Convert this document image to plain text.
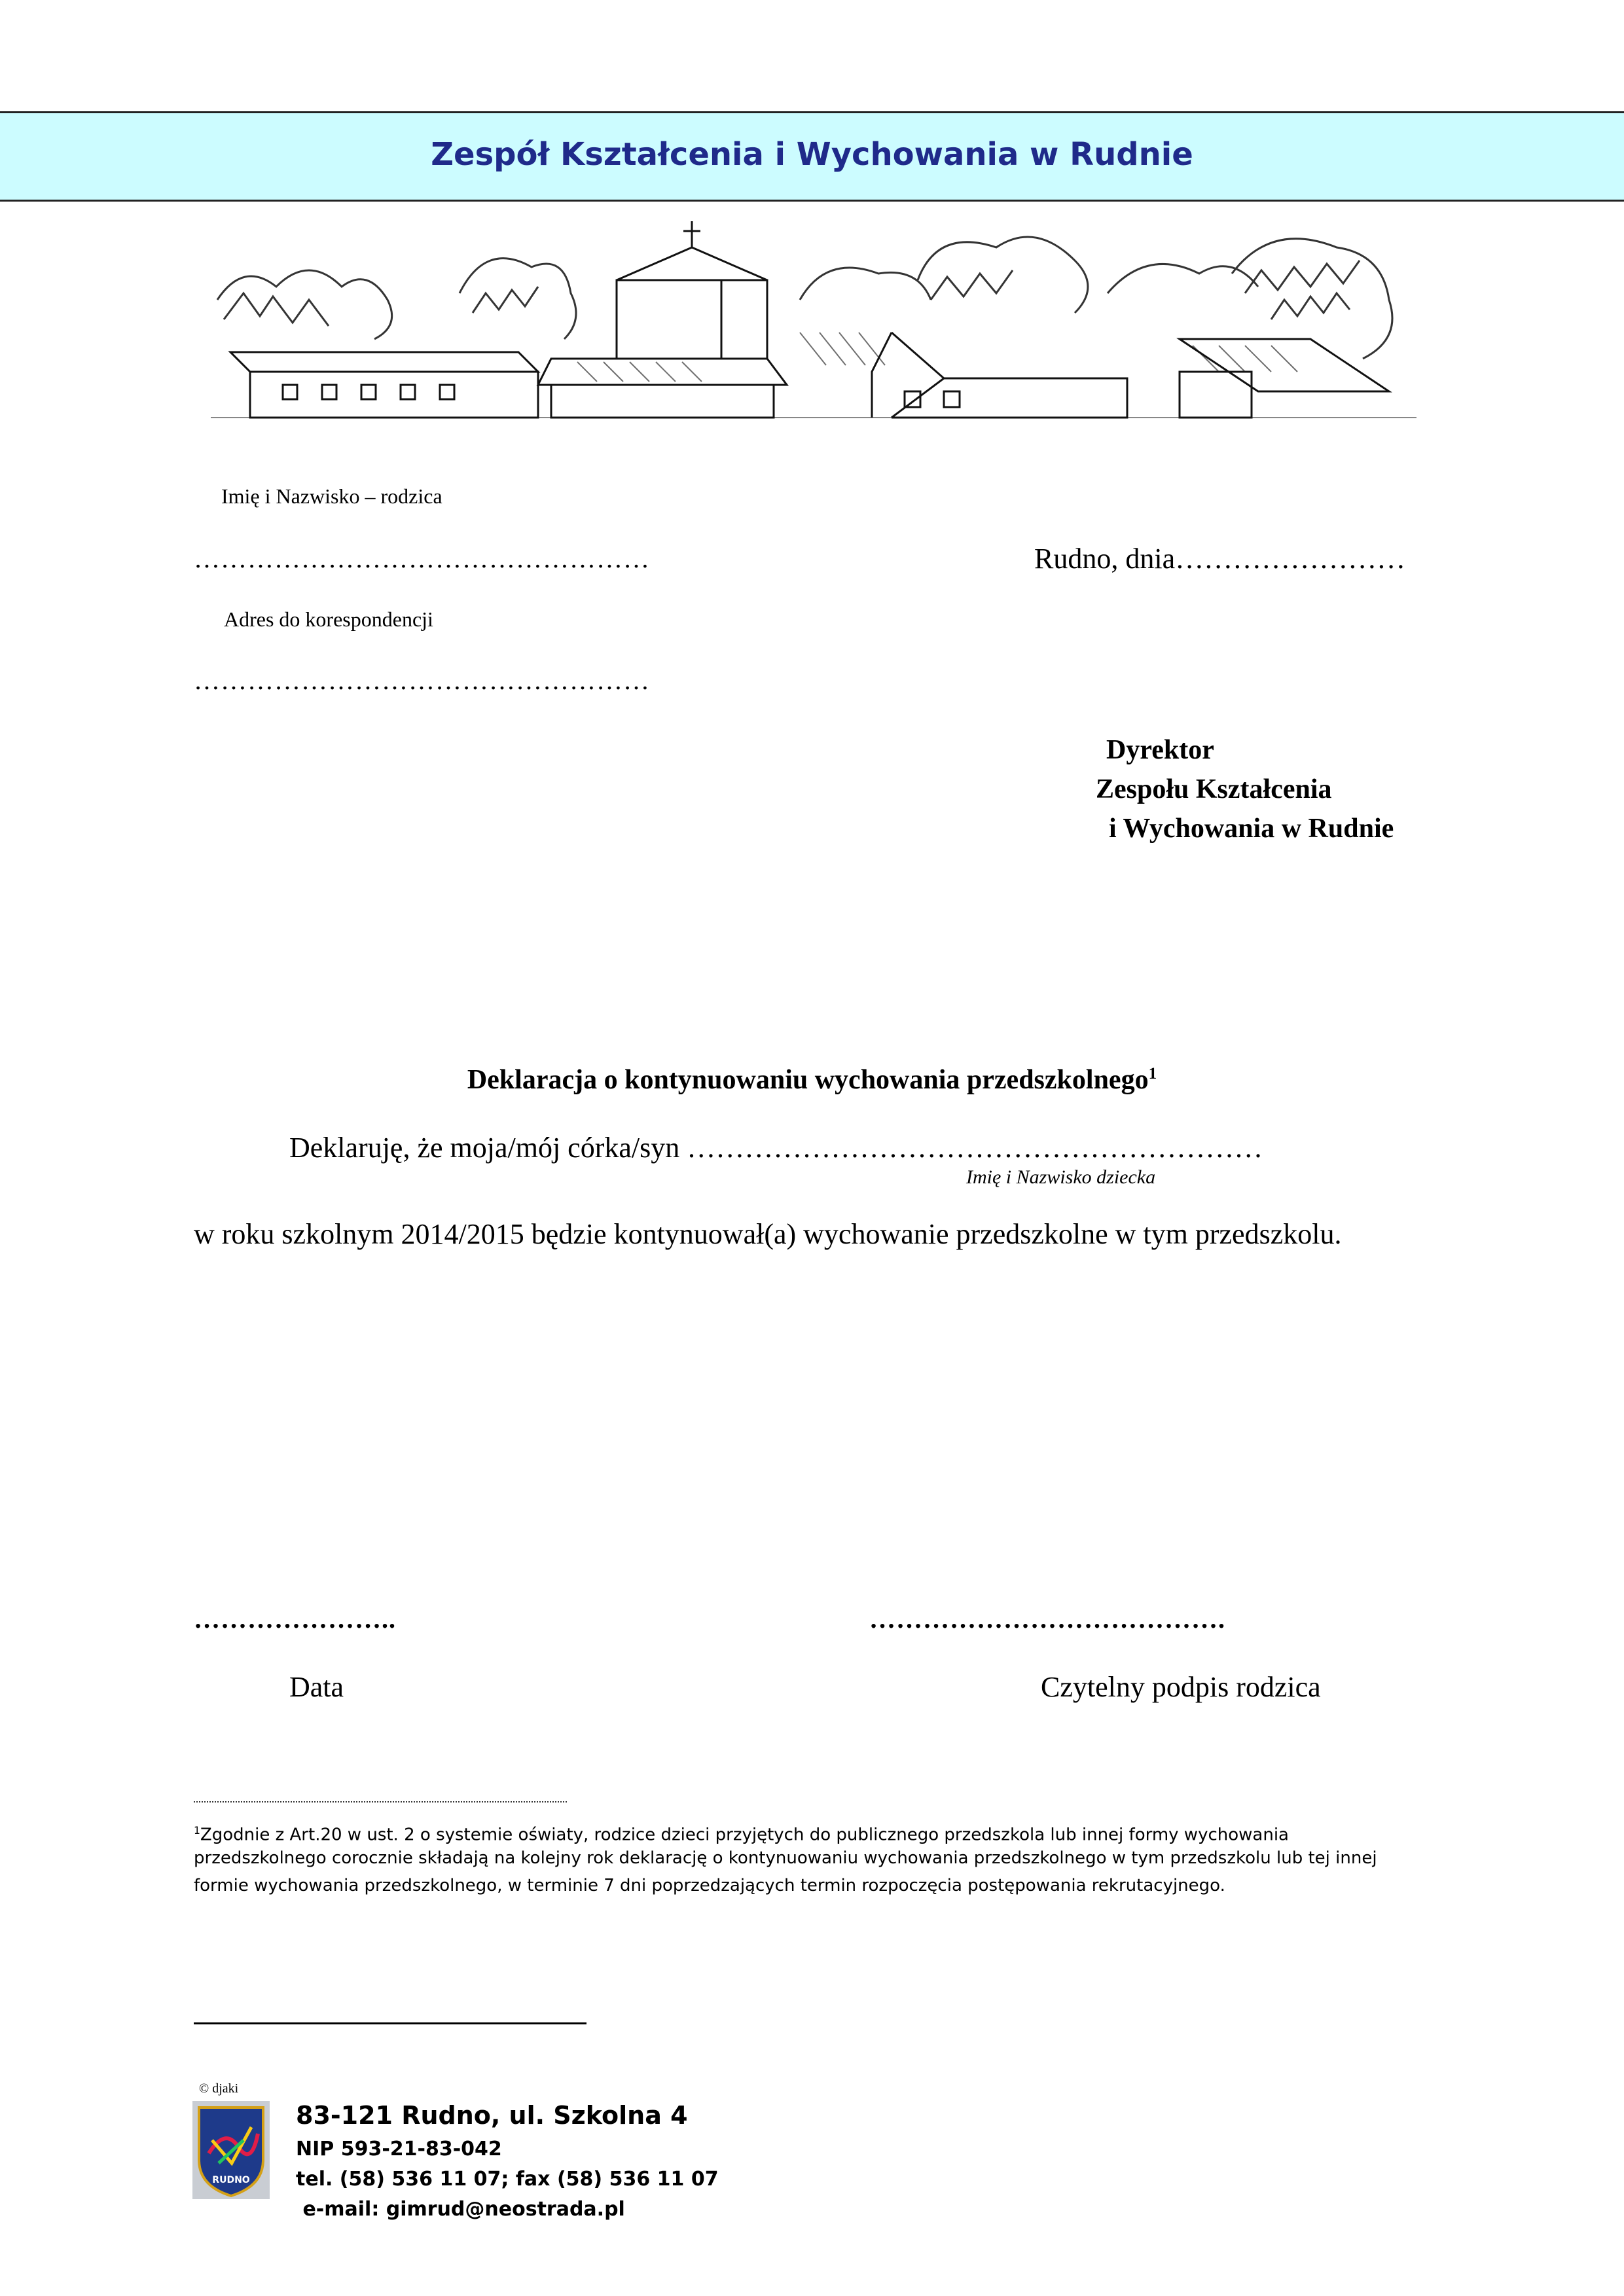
Zespół Kształcenia i Wychowania w Rudnie
Imię i Nazwisko – rodzica
……………………………………………	Rudno, dnia……………………
Adres do korespondencji
……………………………………………
Dyrektor
Zespołu Kształcenia
i Wychowania w Rudnie
Deklaracja o kontynuowaniu wychowania przedszkolnego$^1$
Deklaruję, że moja/mój córka/syn ……………………………………………………
Imię i Nazwisko dziecka
w roku szkolnym 2014/2015 będzie kontynuował(a) wychowanie przedszkolne w tym przedszkolu.
…………………..	………………………………….
Data	Czytelny podpis rodzica
$^1$Zgodnie z Art.20 w ust. 2 o systemie oświaty, rodzice dzieci przyjętych do publicznego przedszkola lub innej formy wychowania
przedszkolnego corocznie składają na kolejny rok deklarację o kontynuowaniu wychowania przedszkolnego w tym przedszkolu lub tej innej
formie wychowania przedszkolnego, w terminie 7 dni poprzedzających termin rozpoczęcia postępowania rekrutacyjnego.
© djaki
RUDNO
83-121 Rudno, ul. Szkolna 4
NIP 593-21-83-042
tel. (58) 536 11 07; fax (58) 536 11 07
e-mail: gimrud@neostrada.pl
